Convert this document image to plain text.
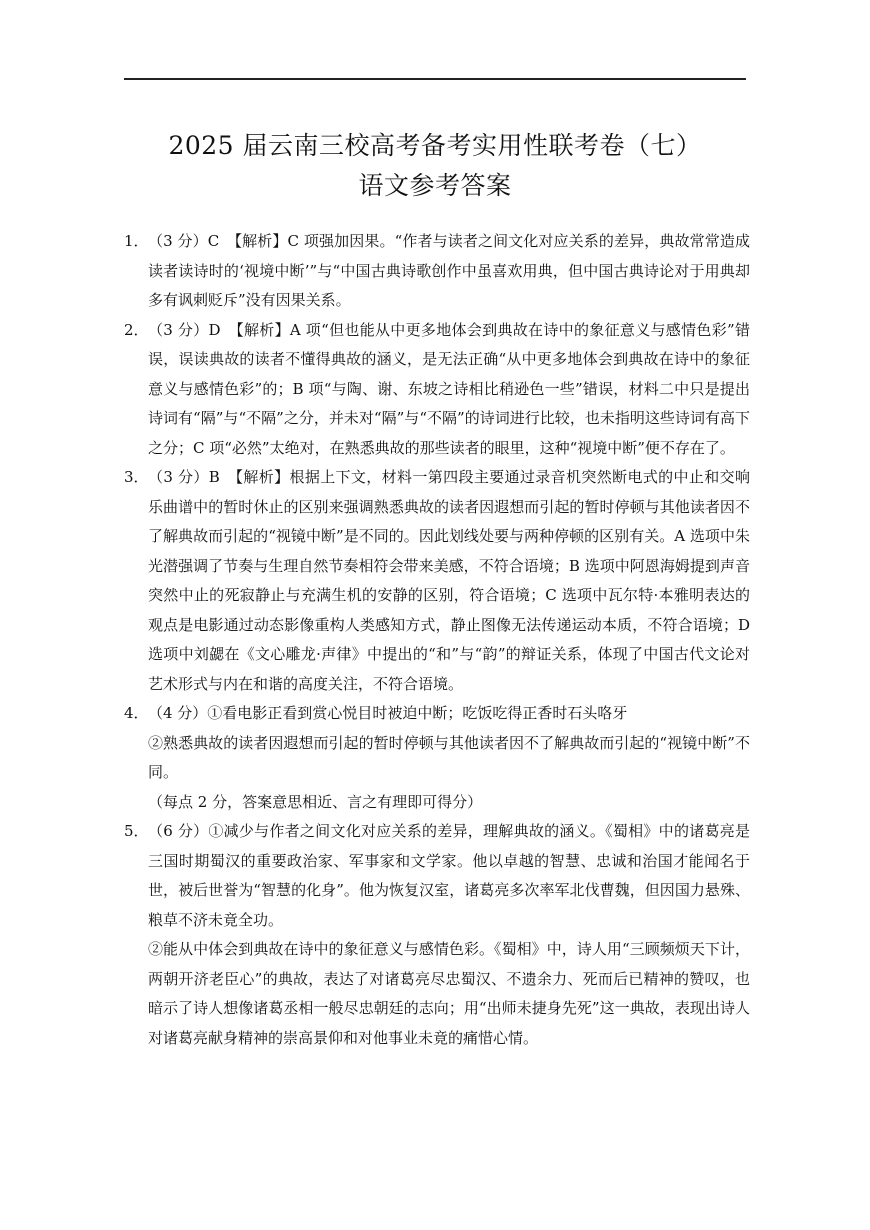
2025 届云南三校高考备考实用性联考卷（七）
语文参考答案
1． （3 分）C　【解析】C 项强加因果。“作者与读者之间文化对应关系的差异，典故常常造成读者读诗时的‘视境中断’”与“中国古典诗歌创作中虽喜欢用典，但中国古典诗论对于用典却多有讽刺贬斥”没有因果关系。

2． （3 分）D　【解析】A 项“但也能从中更多地体会到典故在诗中的象征意义与感情色彩”错误，误读典故的读者不懂得典故的涵义，是无法正确“从中更多地体会到典故在诗中的象征意义与感情色彩”的；B 项“与陶、谢、东坡之诗相比稍逊色一些”错误，材料二中只是提出诗词有“隔”与“不隔”之分，并未对“隔”与“不隔”的诗词进行比较，也未指明这些诗词有高下之分；C 项“必然”太绝对，在熟悉典故的那些读者的眼里，这种“视境中断”便不存在了。

3． （3 分）B　【解析】根据上下文，材料一第四段主要通过录音机突然断电式的中止和交响乐曲谱中的暂时休止的区别来强调熟悉典故的读者因遐想而引起的暂时停顿与其他读者因不了解典故而引起的“视镜中断”是不同的。因此划线处要与两种停顿的区别有关。A 选项中朱光潜强调了节奏与生理自然节奏相符会带来美感，不符合语境；B 选项中阿恩海姆提到声音突然中止的死寂静止与充满生机的安静的区别，符合语境；C 选项中瓦尔特·本雅明表达的观点是电影通过动态影像重构人类感知方式，静止图像无法传递运动本质，不符合语境；D 选项中刘勰在《文心雕龙·声律》中提出的“和”与“韵”的辩证关系，体现了中国古代文论对艺术形式与内在和谐的高度关注，不符合语境。

4． （4 分）①看电影正看到赏心悦目时被迫中断；吃饭吃得正香时石头咯牙

②熟悉典故的读者因遐想而引起的暂时停顿与其他读者因不了解典故而引起的“视镜中断”不同。

（每点 2 分，答案意思相近、言之有理即可得分）

5． （6 分）①减少与作者之间文化对应关系的差异，理解典故的涵义。《蜀相》中的诸葛亮是三国时期蜀汉的重要政治家、军事家和文学家。他以卓越的智慧、忠诚和治国才能闻名于世，被后世誉为“智慧的化身”。他为恢复汉室，诸葛亮多次率军北伐曹魏，但因国力悬殊、粮草不济未竟全功。

②能从中体会到典故在诗中的象征意义与感情色彩。《蜀相》中，诗人用“三顾频烦天下计，两朝开济老臣心”的典故，表达了对诸葛亮尽忠蜀汉、不遗余力、死而后已精神的赞叹，也暗示了诗人想像诸葛丞相一般尽忠朝廷的志向；用“出师未捷身先死”这一典故，表现出诗人对诸葛亮献身精神的崇高景仰和对他事业未竟的痛惜心情。
